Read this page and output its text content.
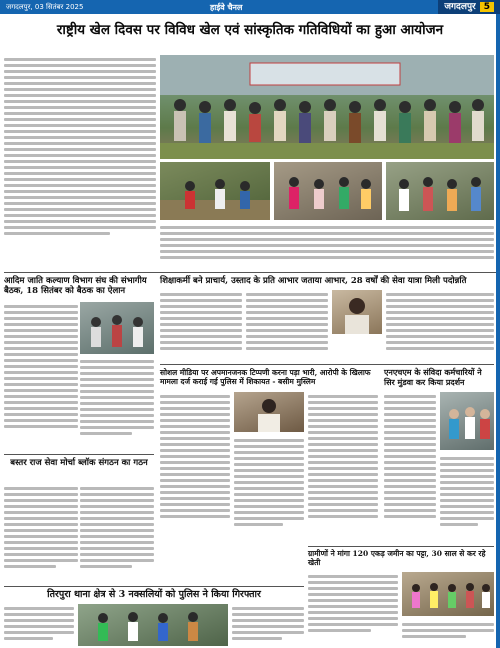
जगदलपुर, 03 सितंबर 2025	हाईवे चैनल	जगदलपुर 5
राष्ट्रीय खेल दिवस पर विविध खेल एवं सांस्कृतिक गतिविधियों का हुआ आयोजन
आदिम जाति कल्याण विभाग संघ की संभागीय बैठक, 18 सितंबर को बैठक का ऐलान
शिक्षाकर्मी बने प्राचार्य, उस्ताद के प्रति आभार जताया आभार, 28 वर्षों की सेवा यात्रा मिली पदोन्नति
सोशल मीडिया पर अपमानजनक टिप्पणी करना पड़ा भारी, आरोपी के खिलाफ मामला दर्ज कराई गई पुलिस में शिकायत - बसीम मुस्लिम
एनएचएम के संविदा कर्मचारियों ने सिर मुंडवा कर किया प्रदर्शन
बस्तर राज सेवा मोर्चा ब्लॉक संगठन का गठन
ग्रामीणों ने मांगा 120 एकड़ जमीन का पट्टा, 30 साल से कर रहे खेती
तिरपुरा थाना क्षेत्र से 3 नक्सलियों को पुलिस ने किया गिरफ्तार
